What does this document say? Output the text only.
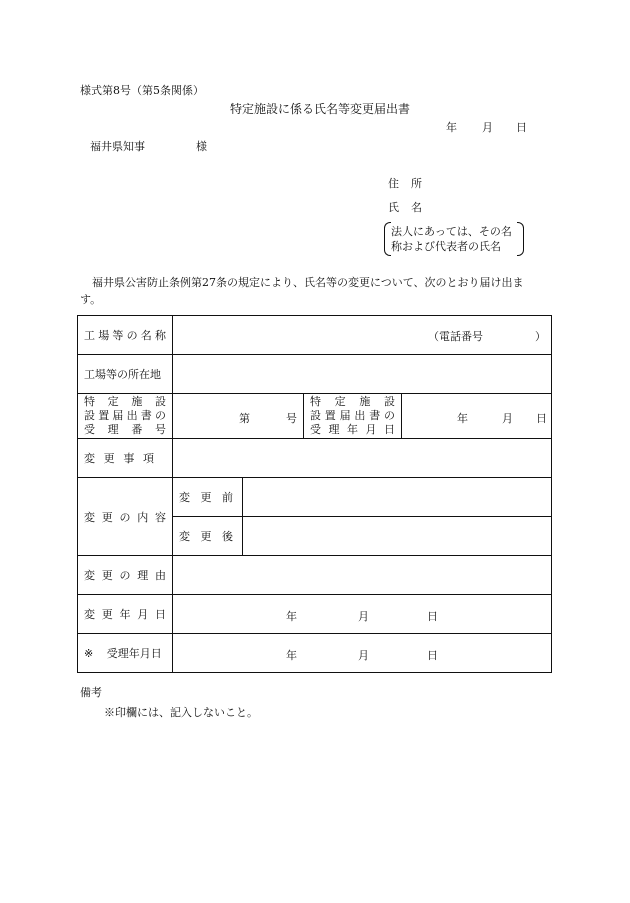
様式第8号（第5条関係）
特定施設に係る氏名等変更届出書
年 月 日
福井県知事	様
住 所
氏 名
法人にあっては、その名
称および代表者の氏名
福井県公害防止条例第27条の規定により、氏名等の変更について、次のとおり届け出ま
す。
工場等の名称	（電話番号 ）			

工場等の所在地				

特定施設
設置届出書の
受理番号	第 号		特定施設
設置届出書の
受理年月日	年 月 日

変更事項				

変更の内容	変更前			

	変更後			

変更の理由				

変更年月日	年 月 日			

※ 受理年月日	年 月 日			
備考
※印欄には、記入しないこと。
